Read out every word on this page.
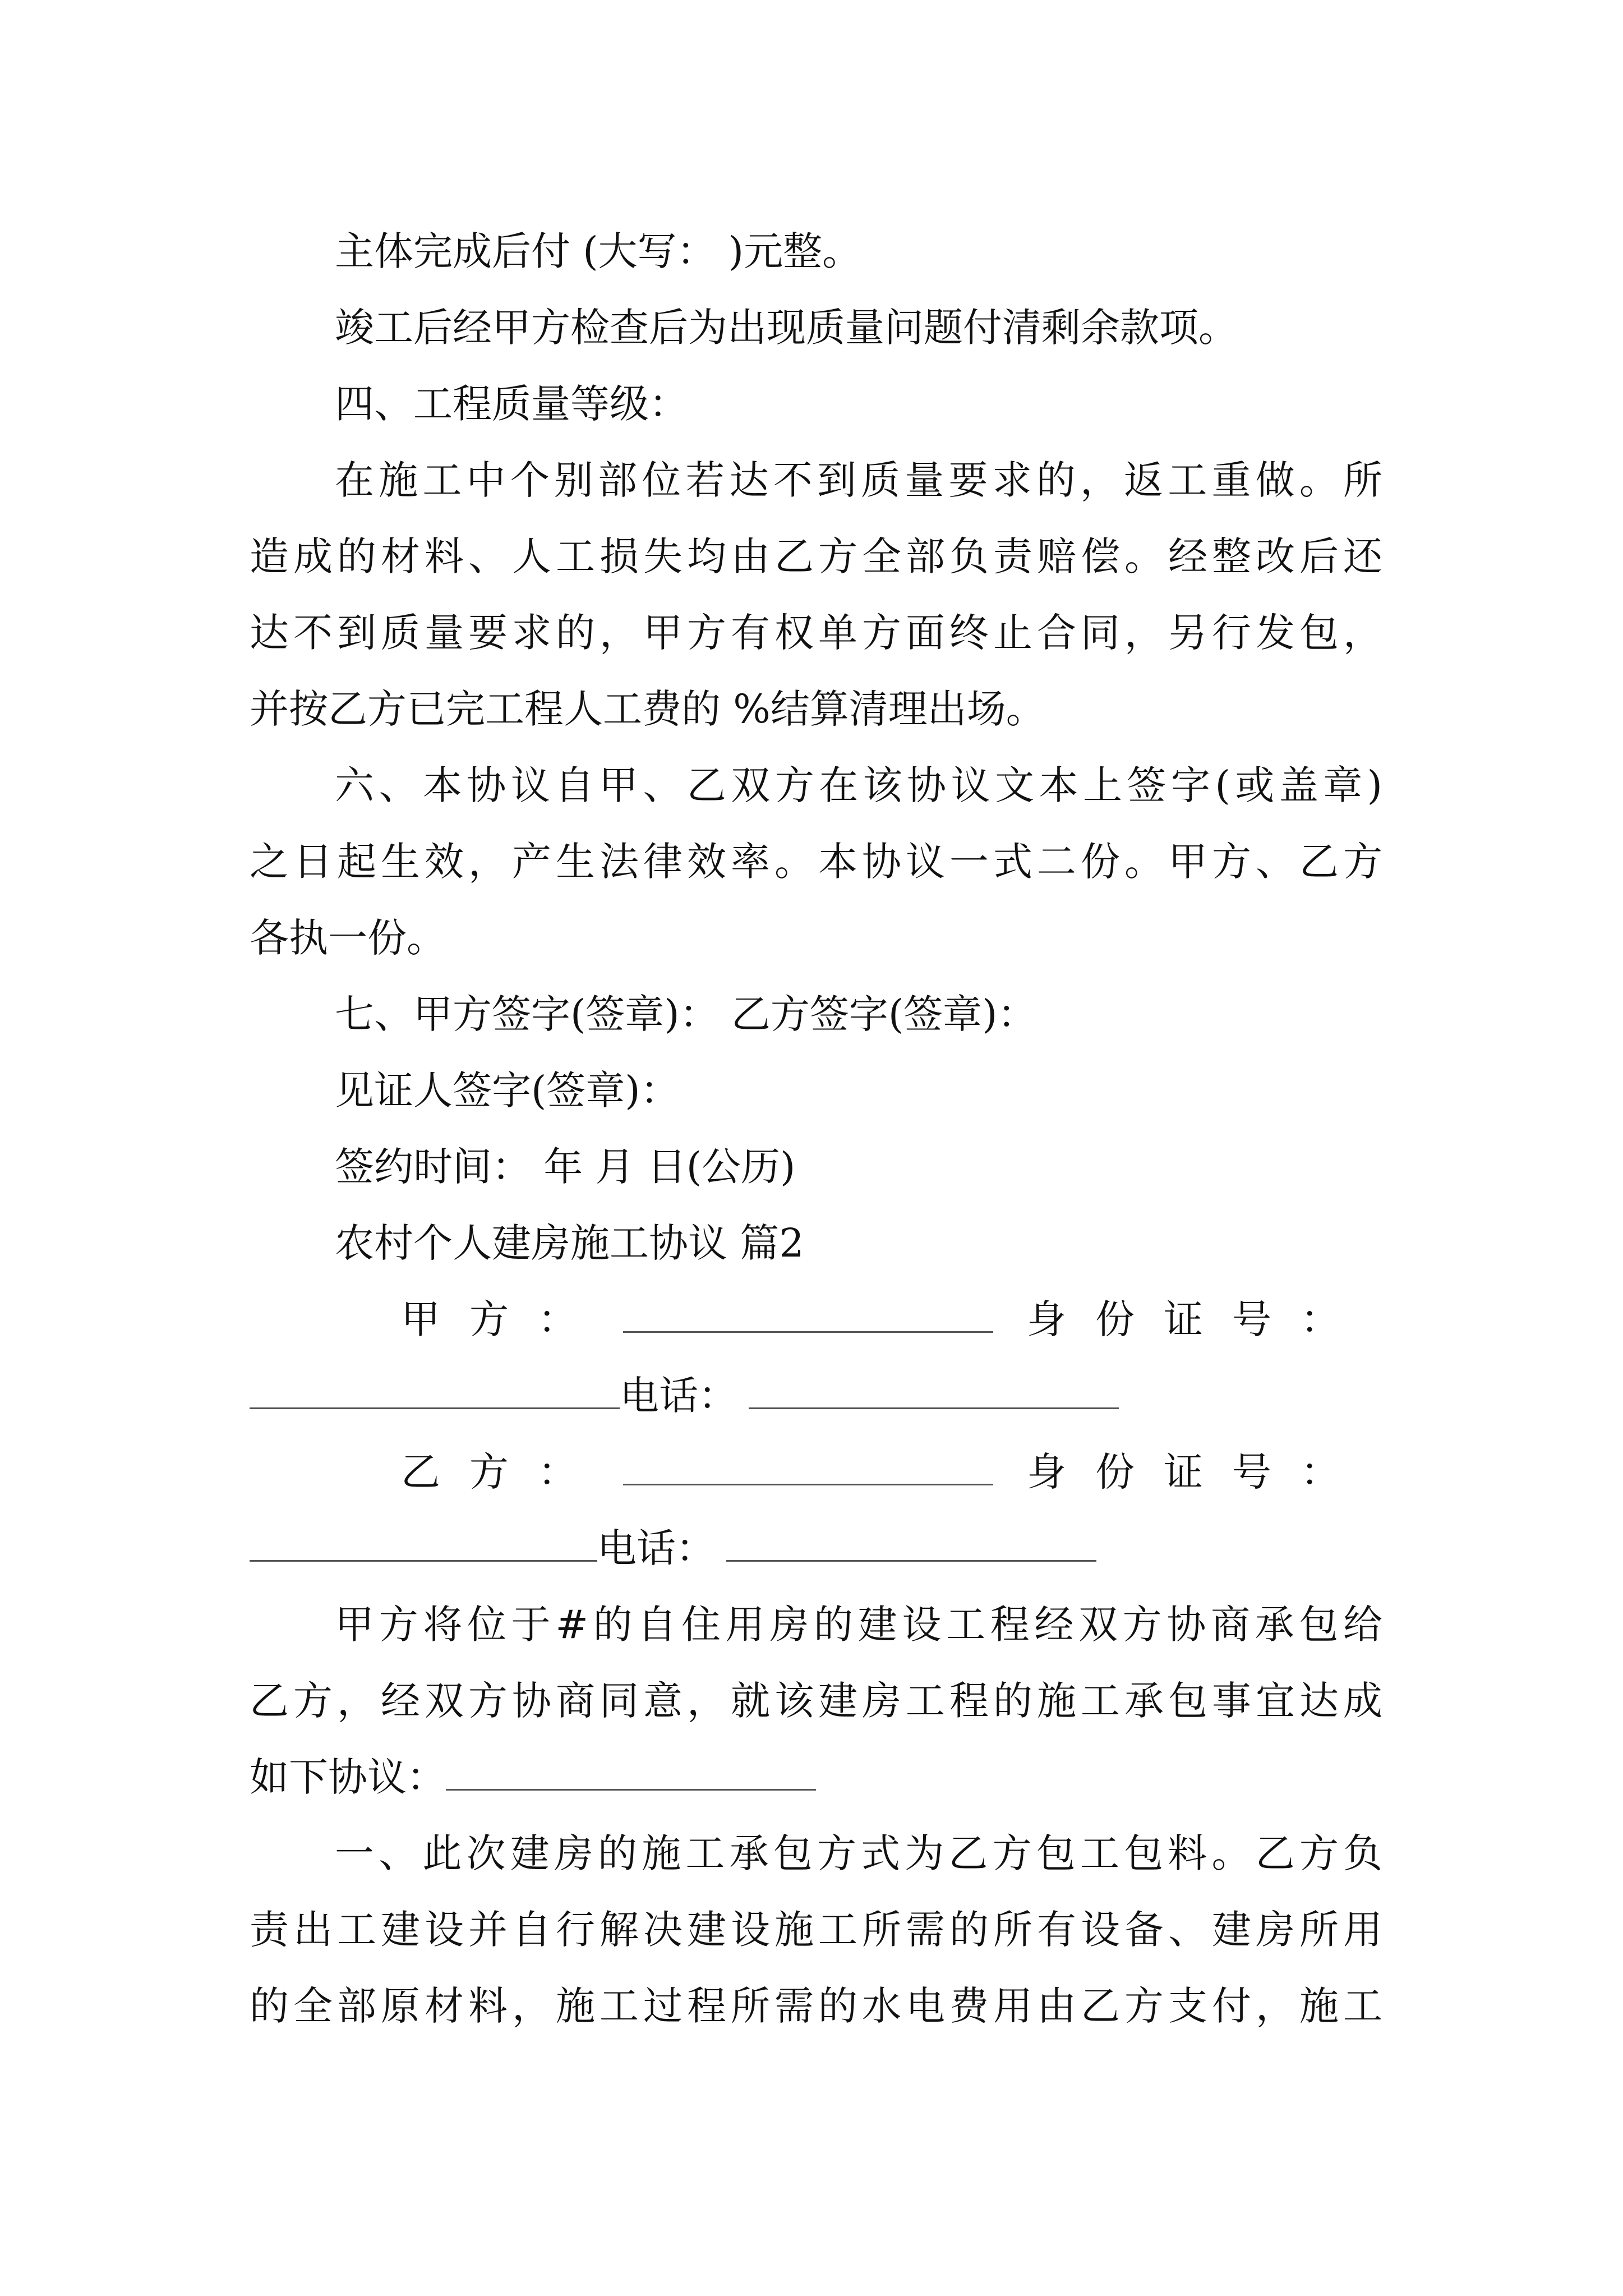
主体完成后付 (大写： )元整。
竣工后经甲方检查后为出现质量问题付清剩余款项。
四、工程质量等级：
在施工中个别部位若达不到质量要求的，返工重做。所
造成的材料、人工损失均由乙方全部负责赔偿。经整改后还
达不到质量要求的，甲方有权单方面终止合同，另行发包，
并按乙方已完工程人工费的 %结算清理出场。
六、本协议自甲、乙双方在该协议文本上签字(或盖章)
之日起生效，产生法律效率。本协议一式二份。甲方、乙方
各执一份。
七、甲方签字(签章)： 乙方签字(签章)：
见证人签字(签章)：
签约时间： 年 月 日(公历)
农村个人建房施工协议 篇2
甲方：	身份证号：
电话：
乙方：	身份证号：
电话：
甲方将位于#的自住用房的建设工程经双方协商承包给
乙方，经双方协商同意，就该建房工程的施工承包事宜达成
如下协议：
一、此次建房的施工承包方式为乙方包工包料。乙方负
责出工建设并自行解决建设施工所需的所有设备、建房所用
的全部原材料，施工过程所需的水电费用由乙方支付，施工
